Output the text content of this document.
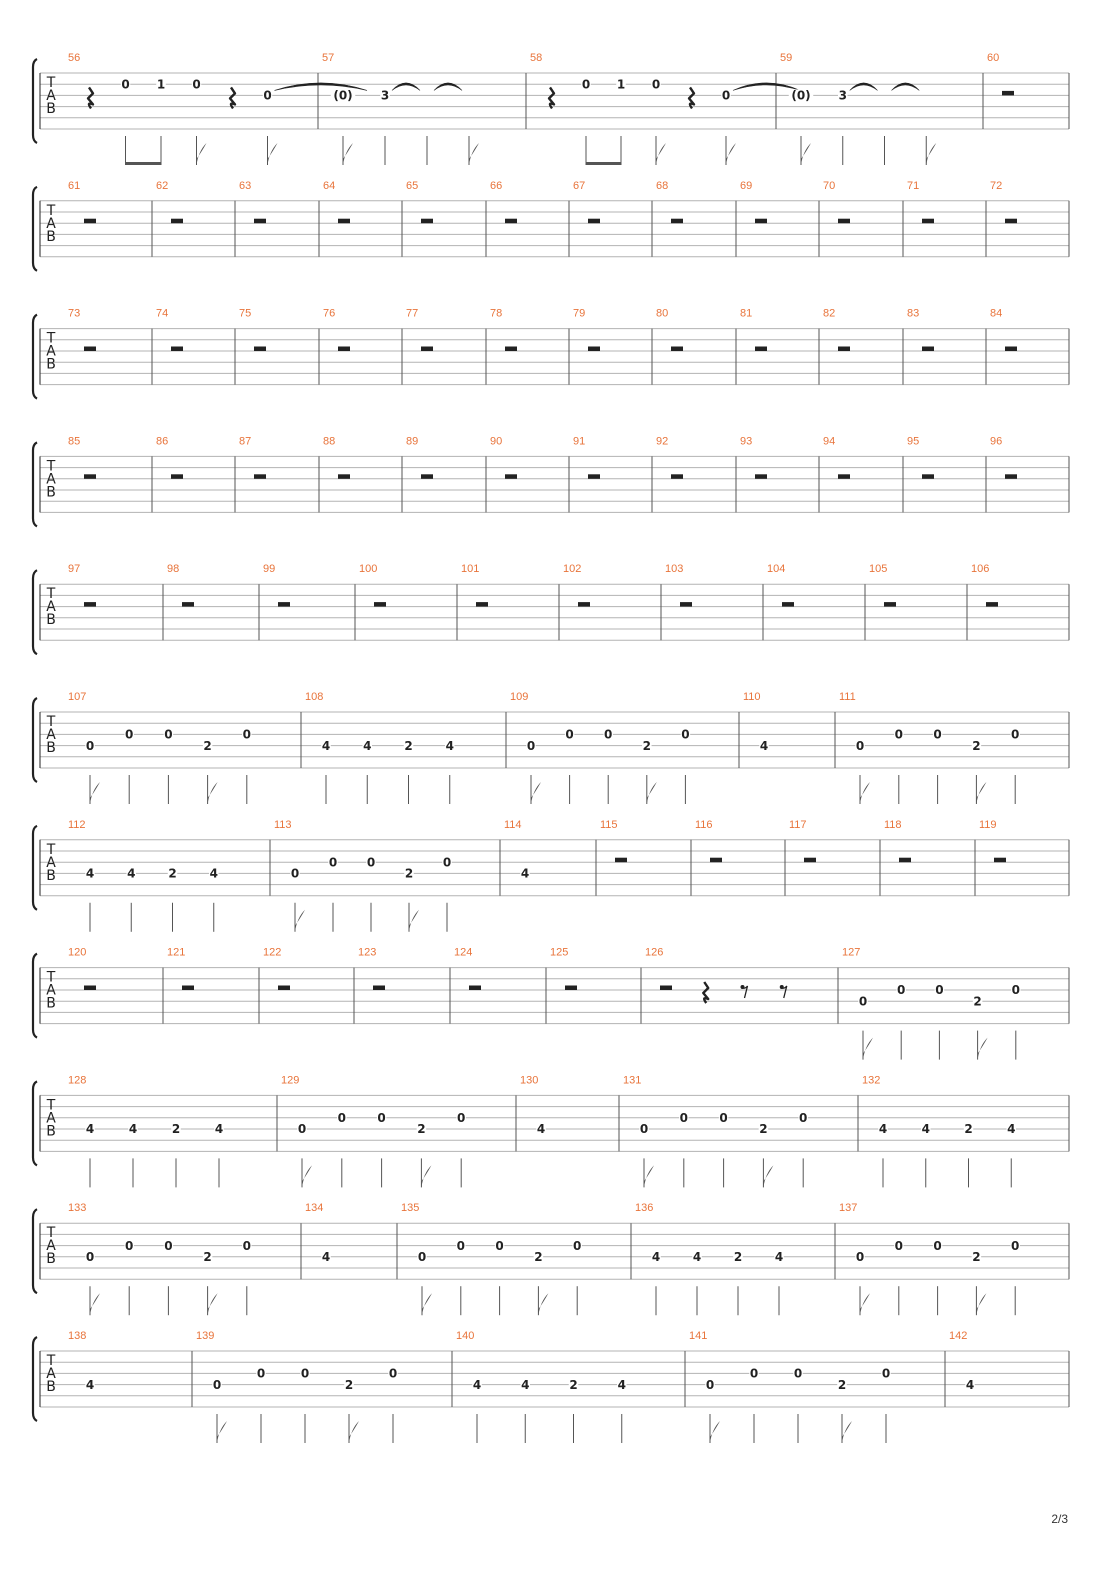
T
A
B
56
0 1 0
0
57
(0) 3
58
0 1 0
0
59
(0) 3
60
T
A
B
61	62	63	64	65	66	67	68	69	70	71	72
T
A
B
73	74	75	76	77	78	79	80	81	82	83	84
T
A
B
85	86	87	88	89	90	91	92	93	94	95	96
T
A
B
97	98	99	100	101	102	103	104	105	106
T
A
B
107
0
0	0
2
0
108
4	4	2	4
109
0
0	0
2
0
110
4
111
0
0	0
2
0
T
A
B
112
4	4	2	4
113
0
0 0
2
0
114
4
115	116	117	118	119
T
A
B
120	121	122	123	124	125	126	127
0
0 0
2
0
T
A
B
128
4	4	2	4
129
0
0	0
2
0
130
4
131
0
0	0
2
0
132
4	4	2	4
T
A
B
133
0
0	0
2
0
134
4
135
0
0	0
2
0
136
4	4	2	4
137
0
0	0
2
0
T
A
B
138
4
139
0
0	0
2
0
140
4	4	2	4
141
0
0	0
2
0
142
4
2/3
